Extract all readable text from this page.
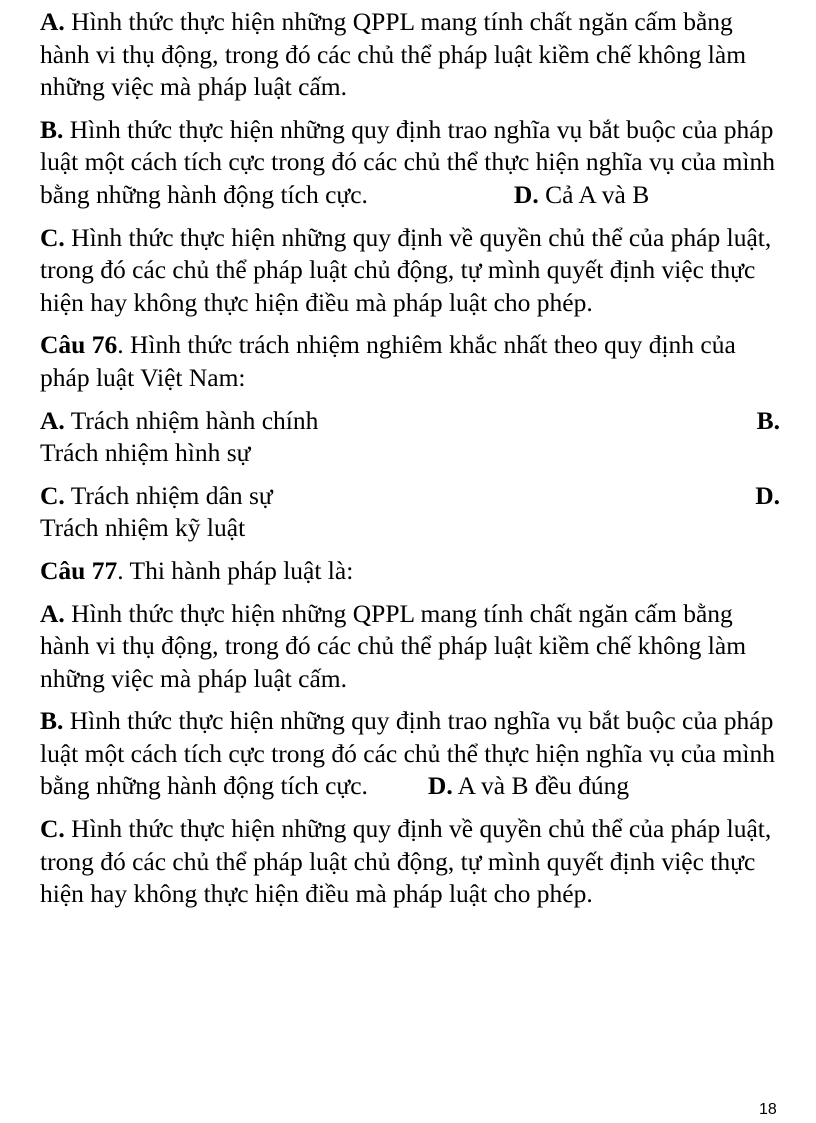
A. Hình thức thực hiện những QPPL mang tính chất ngăn cấm bằng hành vi thụ động, trong đó các chủ thể pháp luật kiềm chế không làm những việc mà pháp luật cấm.

B. Hình thức thực hiện những quy định trao nghĩa vụ bắt buộc của pháp luật một cách tích cực trong đó các chủ thể thực hiện nghĩa vụ của mình bằng những hành động tích cực.	D. Cả A và B

C. Hình thức thực hiện những quy định về quyền chủ thể của pháp luật, trong đó các chủ thể pháp luật chủ động, tự mình quyết định việc thực hiện hay không thực hiện điều mà pháp luật cho phép.

Câu 76. Hình thức trách nhiệm nghiêm khắc nhất theo quy định của pháp luật Việt Nam:

A. Trách nhiệm hành chính	B.
Trách nhiệm hình sự
C. Trách nhiệm dân sự	D.
Trách nhiệm kỹ luật

Câu 77. Thi hành pháp luật là:

A. Hình thức thực hiện những QPPL mang tính chất ngăn cấm bằng hành vi thụ động, trong đó các chủ thể pháp luật kiềm chế không làm những việc mà pháp luật cấm.

B. Hình thức thực hiện những quy định trao nghĩa vụ bắt buộc của pháp luật một cách tích cực trong đó các chủ thể thực hiện nghĩa vụ của mình bằng những hành động tích cực. D. A và B đều đúng

C. Hình thức thực hiện những quy định về quyền chủ thể của pháp luật, trong đó các chủ thể pháp luật chủ động, tự mình quyết định việc thực hiện hay không thực hiện điều mà pháp luật cho phép.

18
